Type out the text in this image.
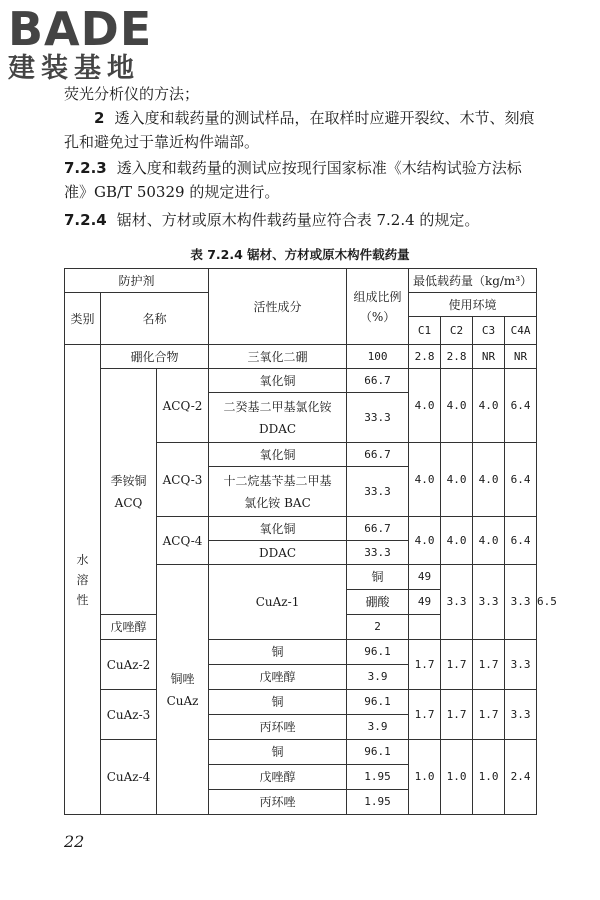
BADE
建装基地
荧光分析仪的方法；
2 透入度和载药量的测试样品，在取样时应避开裂纹、木节、刻痕孔和避免过于靠近构件端部。
7.2.3 透入度和载药量的测试应按现行国家标准《木结构试验方法标准》GB/T 50329 的规定进行。
7.2.4 锯材、方材或原木构件载药量应符合表 7.2.4 的规定。
表 7.2.4 锯材、方材或原木构件载药量
防护剂			活性成分	组成比例（%）	最低载药量（kg/m³）				
类别	名称				使用环境				
					C1	C2	C3	C4A	
水溶性	硼化合物		三氧化二硼	100	2.8	2.8	NR	NR	
	季铵铜 ACQ	ACQ-2	氧化铜	66.7	4.0	4.0	4.0	6.4	
			二癸基二甲基氯化铵 DDAC	33.3					
		ACQ-3	氧化铜	66.7	4.0	4.0	4.0	6.4	
			十二烷基苄基二甲基氯化铵 BAC	33.3					
		ACQ-4	氧化铜	66.7	4.0	4.0	4.0	6.4	
			DDAC	33.3					
		铜唑 CuAz	CuAz-1	铜	49	3.3	3.3	3.3	6.5
				硼酸	49				
	戊唑醇			2					
	CuAz-2		铜	96.1	1.7	1.7	1.7	3.3	
			戊唑醇	3.9					
	CuAz-3		铜	96.1	1.7	1.7	1.7	3.3	
			丙环唑	3.9					
	CuAz-4		铜	96.1	1.0	1.0	1.0	2.4	
			戊唑醇	1.95					
			丙环唑	1.95					
22
